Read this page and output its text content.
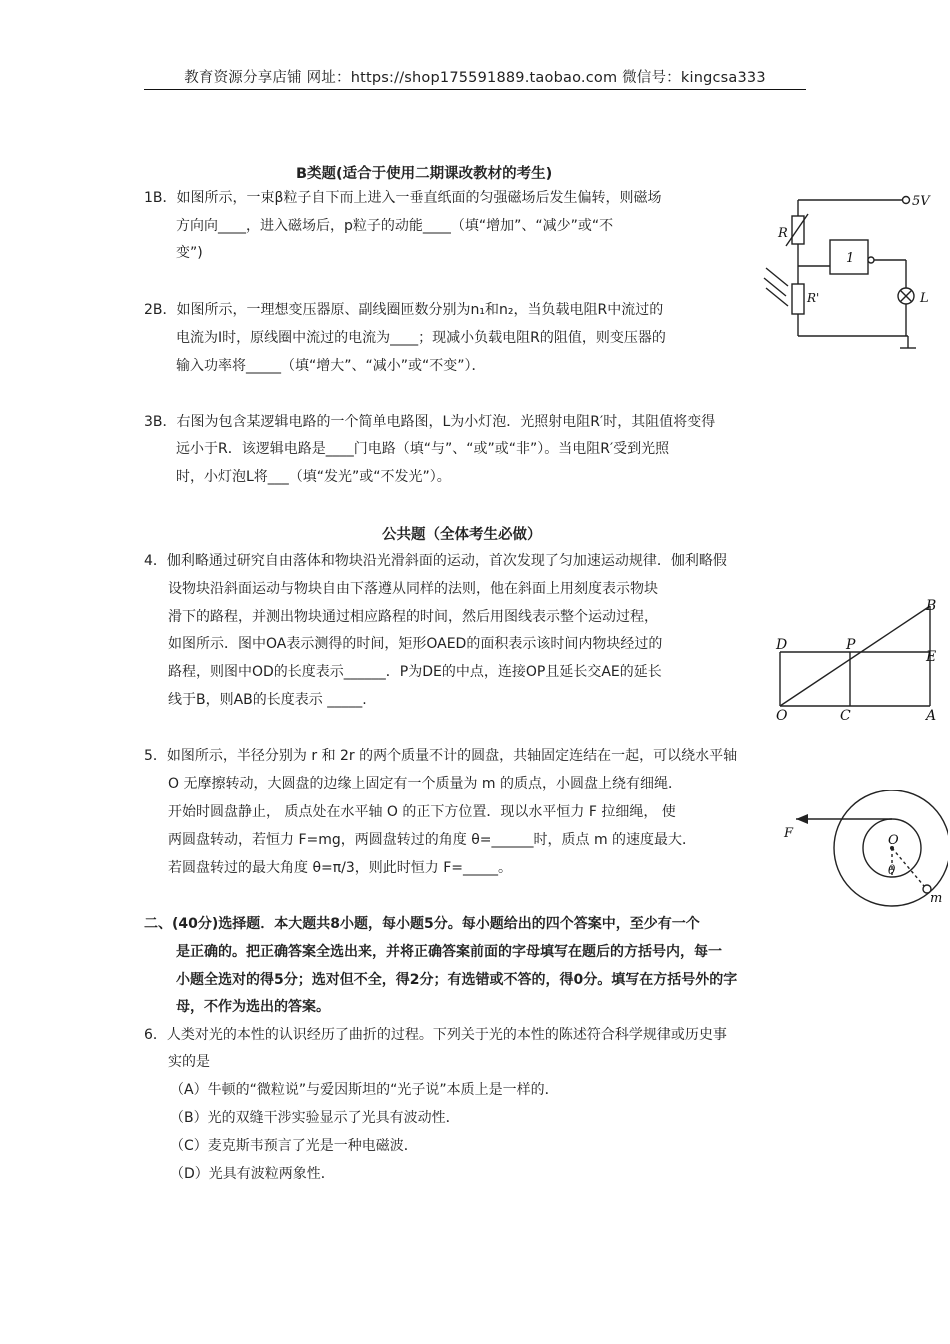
教育资源分享店铺 网址：https://shop175591889.taobao.com 微信号：kingcsa333
B类题(适合于使用二期课改教材的考生)
1B．如图所示，一束β粒子自下而上进入一垂直纸面的匀强磁场后发生偏转，则磁场
方向向____，进入磁场后，p粒子的动能____（填“增加”、“减少”或“不
变”)
2B．如图所示，一理想变压器原、副线圈匝数分别为n₁和n₂，当负载电阻R中流过的
电流为I时，原线圈中流过的电流为____；现减小负载电阻R的阻值，则变压器的
输入功率将_____（填“增大”、“减小”或“不变”）．
3B．右图为包含某逻辑电路的一个简单电路图，L为小灯泡．光照射电阻R′时，其阻值将变得
远小于R．该逻辑电路是____门电路（填“与”、“或”或“非”）。当电阻R′受到光照
时，小灯泡L将___（填“发光”或“不发光”）。
公共题（全体考生必做）
4．伽利略通过研究自由落体和物块沿光滑斜面的运动，首次发现了匀加速运动规律．伽利略假
设物块沿斜面运动与物块自由下落遵从同样的法则，他在斜面上用刻度表示物块
滑下的路程，并测出物块通过相应路程的时间，然后用图线表示整个运动过程，
如图所示．图中OA表示测得的时间，矩形OAED的面积表示该时间内物块经过的
路程，则图中OD的长度表示______．P为DE的中点，连接OP且延长交AE的延长
线于B，则AB的长度表示 _____.
5．如图所示，半径分别为 r 和 2r 的两个质量不计的圆盘，共轴固定连结在一起，可以绕水平轴
O 无摩擦转动，大圆盘的边缘上固定有一个质量为 m 的质点，小圆盘上绕有细绳．
开始时圆盘静止， 质点处在水平轴 O 的正下方位置．现以水平恒力 F 拉细绳， 使
两圆盘转动，若恒力 F=mg，两圆盘转过的角度 θ=______时，质点 m 的速度最大．
若圆盘转过的最大角度 θ=π/3，则此时恒力 F=_____。
二、(40分)选择题．本大题共8小题，每小题5分。每小题给出的四个答案中，至少有一个
是正确的。把正确答案全选出来，并将正确答案前面的字母填写在题后的方括号内，每一
小题全选对的得5分；选对但不全，得2分；有选错或不答的，得0分。填写在方括号外的字
母，不作为选出的答案。
6．人类对光的本性的认识经历了曲折的过程。下列关于光的本性的陈述符合科学规律或历史事
实的是
（A）牛顿的“微粒说”与爱因斯坦的“光子说”本质上是一样的．
（B）光的双缝干涉实验显示了光具有波动性．
（C）麦克斯韦预言了光是一种电磁波．
（D）光具有波粒两象性．
5V
R
R'
1
L
B
D	P
E
O	C	A
F	O
θ
m
